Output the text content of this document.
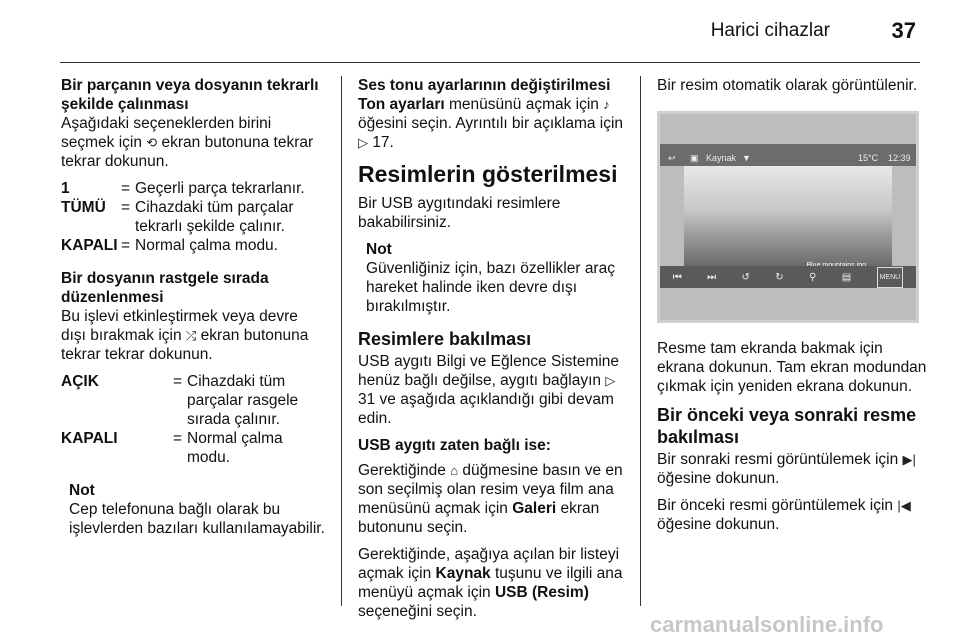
Harici cihazlar	37

Bir parçanın veya dosyanın tekrarlı şekilde çalınması

Aşağıdaki seçeneklerden birini seçmek için ⟲ ekran butonuna tekrar tekrar dokunun.

1	= Geçerli parça tekrarlanır.
TÜMÜ = Cihazdaki tüm parçalar tekrarlı şekilde çalınır.
KAPALI = Normal çalma modu.

Bir dosyanın rastgele sırada düzenlenmesi

Bu işlevi etkinleştirmek veya devre dışı bırakmak için ⤮ ekran butonuna tekrar tekrar dokunun.

AÇIK	= Cihazdaki tüm parçalar rasgele sırada çalınır.
KAPALI	= Normal çalma modu.
Not
Cep telefonuna bağlı olarak bu işlevlerden bazıları kullanılamayabilir.

Ses tonu ayarlarının değiştirilmesi

Ton ayarları menüsünü açmak için ♪ öğesini seçin. Ayrıntılı bir açıklama için ▷ 17.

Resimlerin gösterilmesi

Bir USB aygıtındaki resimlere bakabilirsiniz.

Not
Güvenliğiniz için, bazı özellikler araç hareket halinde iken devre dışı bırakılmıştır.
Resimlere bakılması

USB aygıtı Bilgi ve Eğlence Sistemine henüz bağlı değilse, aygıtı bağlayın ▷ 31 ve aşağıda açıklandığı gibi devam edin.

USB aygıtı zaten bağlı ise:

Gerektiğinde ⌂ düğmesine basın ve en son seçilmiş olan resim veya film ana menüsünü açmak için Galeri ekran butonunu seçin.

Gerektiğinde, aşağıya açılan bir listeyi açmak için Kaynak tuşunu ve ilgili ana menüyü açmak için USB (Resim) seçeneğini seçin.

Bir resim otomatik olarak görüntülenir.

↩ ▣ Kaynak ▼	15°C 12:39
⏮	⏭	↺	↻	⚲	▤	MENU

Resme tam ekranda bakmak için ekrana dokunun. Tam ekran modundan çıkmak için yeniden ekrana dokunun.

Bir önceki veya sonraki resme bakılması

Bir sonraki resmi görüntülemek için ▶| öğesine dokunun.

Bir önceki resmi görüntülemek için |◀ öğesine dokunun.

carmanualsonline.info
